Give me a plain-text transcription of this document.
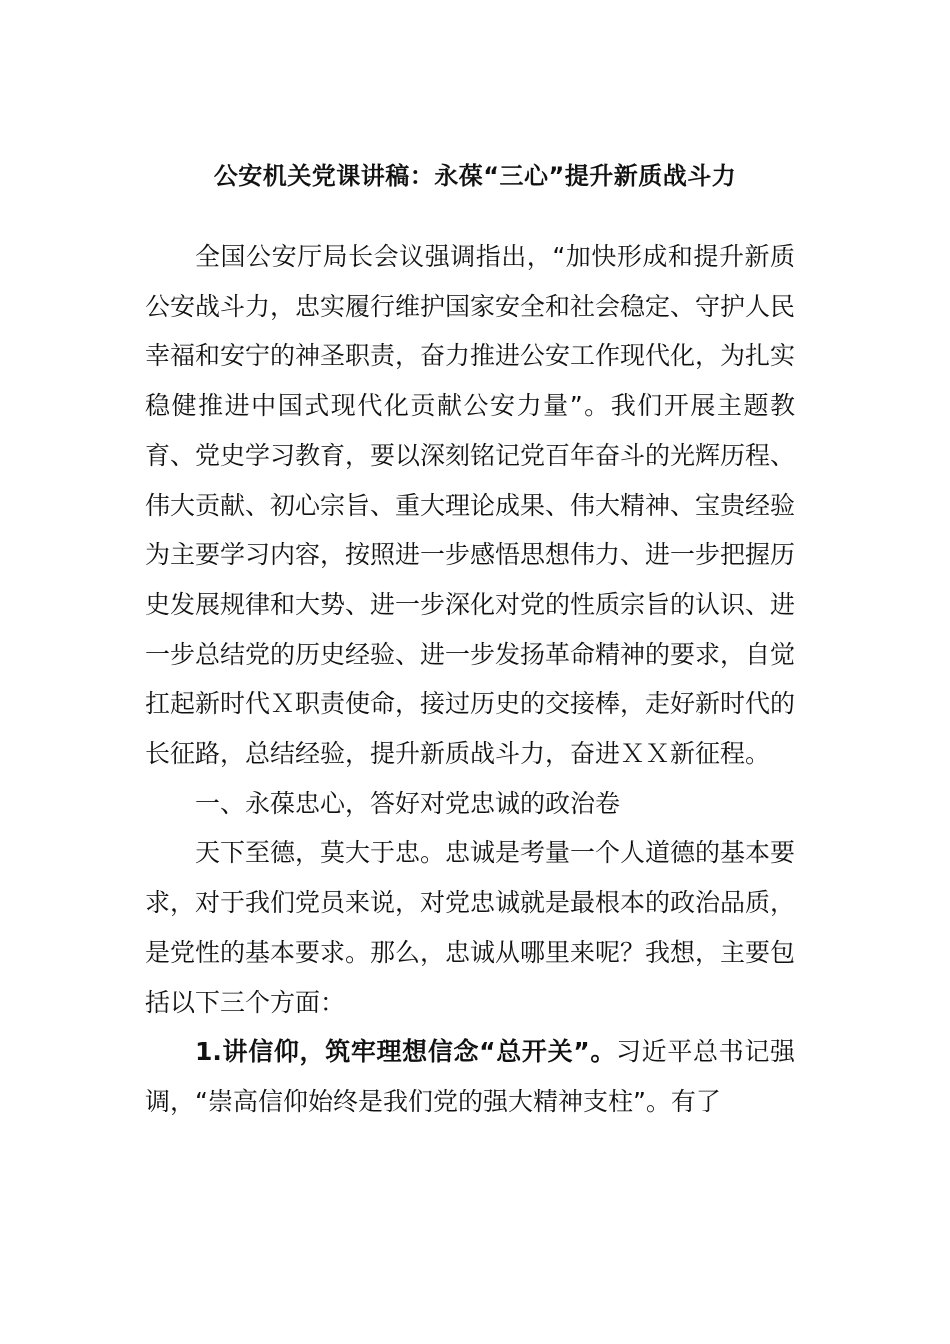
公安机关党课讲稿：永葆“三心”提升新质战斗力

全国公安厅局长会议强调指出，“加快形成和提升新质公安战斗力，忠实履行维护国家安全和社会稳定、守护人民幸福和安宁的神圣职责，奋力推进公安工作现代化，为扎实稳健推进中国式现代化贡献公安力量”。我们开展主题教育、党史学习教育，要以深刻铭记党百年奋斗的光辉历程、伟大贡献、初心宗旨、重大理论成果、伟大精神、宝贵经验为主要学习内容，按照进一步感悟思想伟力、进一步把握历史发展规律和大势、进一步深化对党的性质宗旨的认识、进一步总结党的历史经验、进一步发扬革命精神的要求，自觉扛起新时代Ｘ职责使命，接过历史的交接棒，走好新时代的长征路，总结经验，提升新质战斗力，奋进ＸＸ新征程。

一、永葆忠心，答好对党忠诚的政治卷

天下至德，莫大于忠。忠诚是考量一个人道德的基本要求，对于我们党员来说，对党忠诚就是最根本的政治品质，是党性的基本要求。那么，忠诚从哪里来呢？我想，主要包括以下三个方面：

1.讲信仰，筑牢理想信念“总开关”。习近平总书记强调，“崇高信仰始终是我们党的强大精神支柱”。有了
